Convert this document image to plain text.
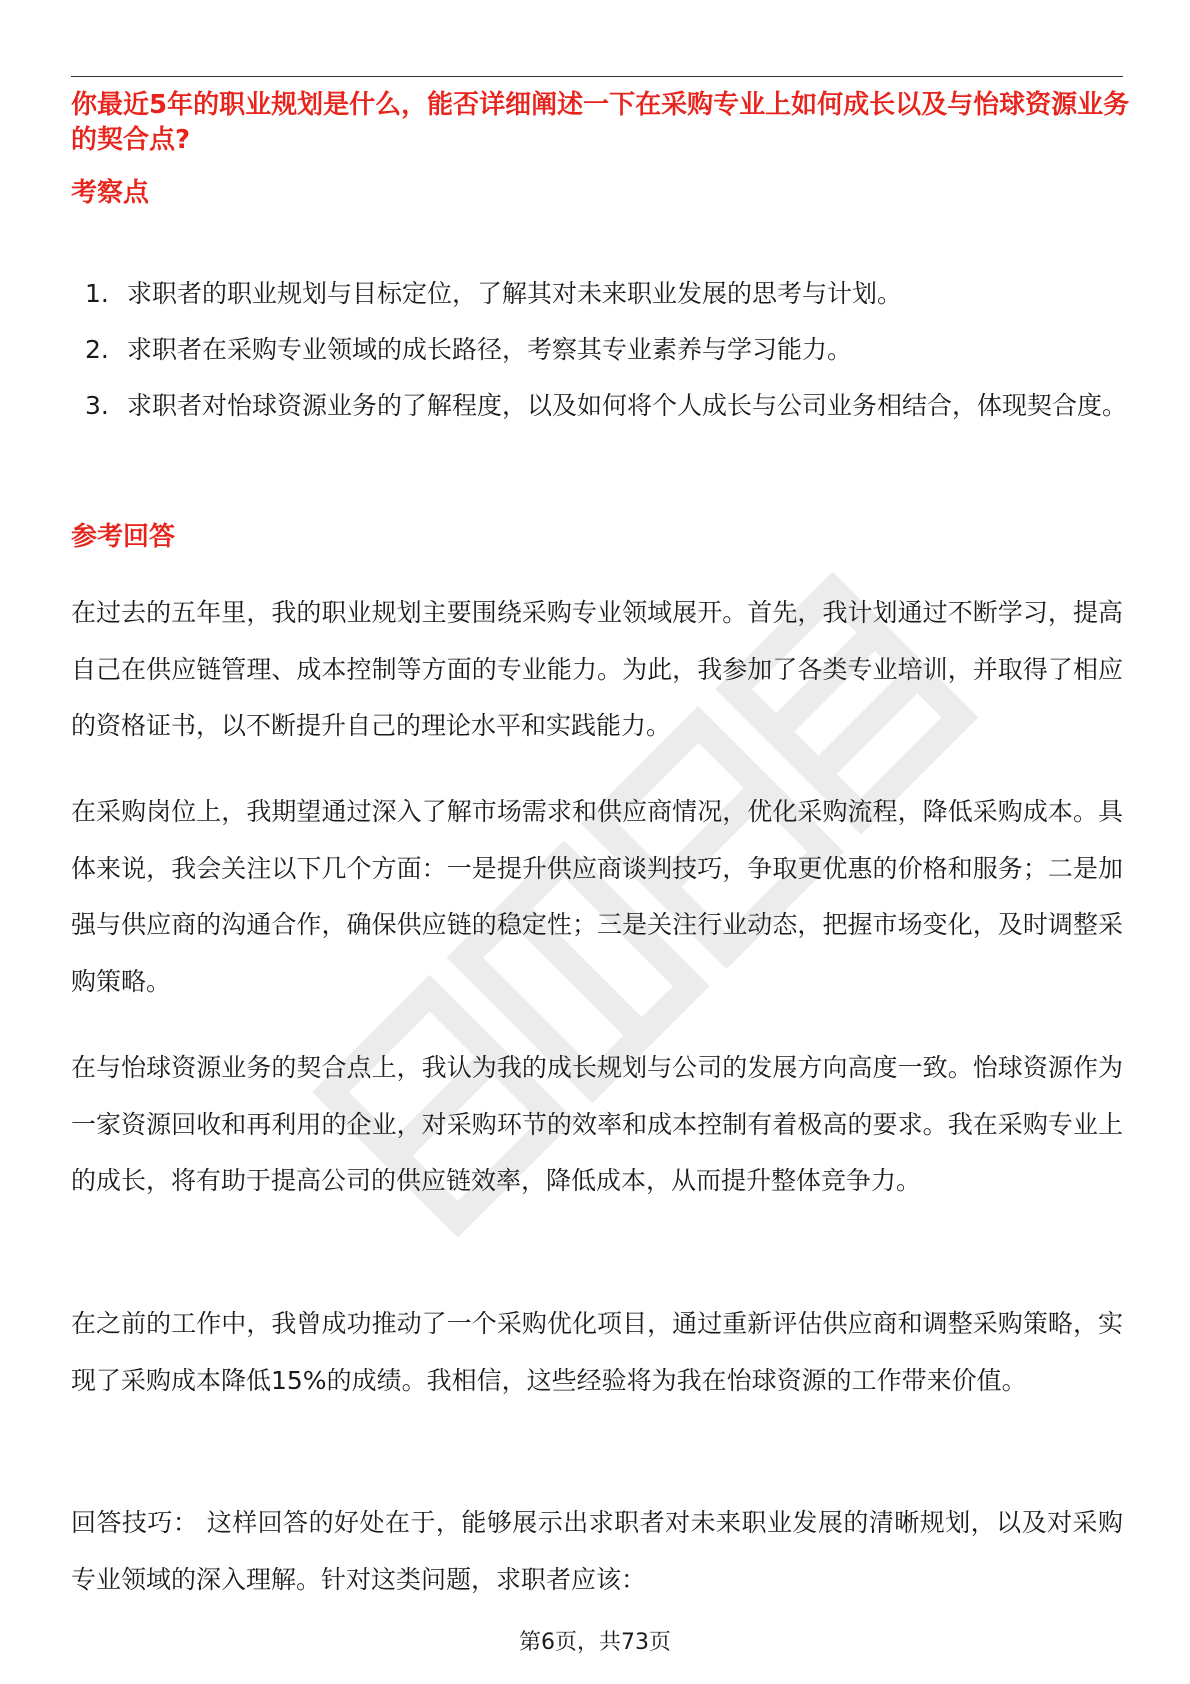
你最近5年的职业规划是什么，能否详细阐述一下在采购专业上如何成长以及与怡球资源业务的契合点?

考察点

1. 求职者的职业规划与目标定位，了解其对未来职业发展的思考与计划。
2. 求职者在采购专业领域的成长路径，考察其专业素养与学习能力。
3. 求职者对怡球资源业务的了解程度，以及如何将个人成长与公司业务相结合，体现契合度。

参考回答

在过去的五年里，我的职业规划主要围绕采购专业领域展开。首先，我计划通过不断学习，提高自己在供应链管理、成本控制等方面的专业能力。为此，我参加了各类专业培训，并取得了相应的资格证书，以不断提升自己的理论水平和实践能力。

在采购岗位上，我期望通过深入了解市场需求和供应商情况，优化采购流程，降低采购成本。具体来说，我会关注以下几个方面：一是提升供应商谈判技巧，争取更优惠的价格和服务；二是加强与供应商的沟通合作，确保供应链的稳定性；三是关注行业动态，把握市场变化，及时调整采购策略。

在与怡球资源业务的契合点上，我认为我的成长规划与公司的发展方向高度一致。怡球资源作为一家资源回收和再利用的企业，对采购环节的效率和成本控制有着极高的要求。我在采购专业上的成长，将有助于提高公司的供应链效率，降低成本，从而提升整体竞争力。

在之前的工作中，我曾成功推动了一个采购优化项目，通过重新评估供应商和调整采购策略，实现了采购成本降低15%的成绩。我相信，这些经验将为我在怡球资源的工作带来价值。

回答技巧： 这样回答的好处在于，能够展示出求职者对未来职业发展的清晰规划，以及对采购专业领域的深入理解。针对这类问题，求职者应该：

第6页，共73页
